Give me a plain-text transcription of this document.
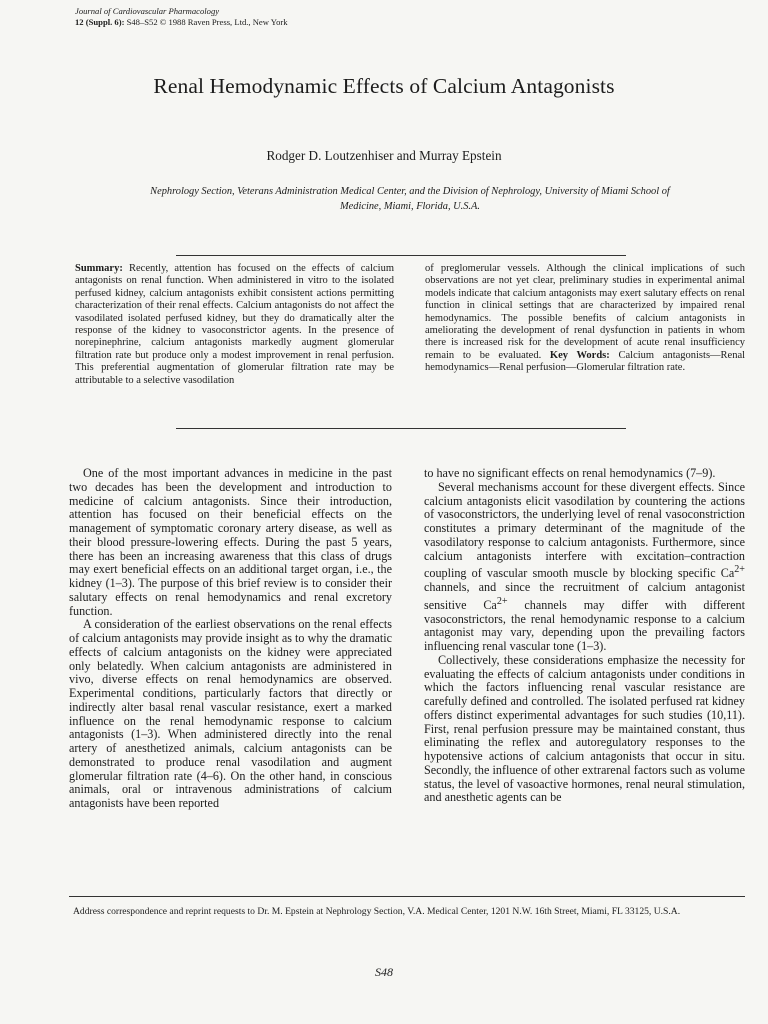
Journal of Cardiovascular Pharmacology
12 (Suppl. 6): S48–S52 © 1988 Raven Press, Ltd., New York
Renal Hemodynamic Effects of Calcium Antagonists
Rodger D. Loutzenhiser and Murray Epstein
Nephrology Section, Veterans Administration Medical Center, and the Division of Nephrology, University of Miami School of
Medicine, Miami, Florida, U.S.A.
Summary: Recently, attention has focused on the effects of calcium antagonists on renal function. When administered in vitro to the isolated perfused kidney, calcium antagonists exhibit consistent actions permitting characterization of their renal effects. Calcium antagonists do not affect the vasodilated isolated perfused kidney, but they do dramatically alter the response of the kidney to vasoconstrictor agents. In the presence of norepinephrine, calcium antagonists markedly augment glomerular filtration rate but produce only a modest improvement in renal perfusion. This preferential augmentation of glomerular filtration rate may be attributable to a selective vasodilation
of preglomerular vessels. Although the clinical implications of such observations are not yet clear, preliminary studies in experimental animal models indicate that calcium antagonists may exert salutary effects on renal function in clinical settings that are characterized by impaired renal hemodynamics. The possible benefits of calcium antagonists in ameliorating the development of renal dysfunction in patients in whom there is increased risk for the development of acute renal insufficiency remain to be evaluated. Key Words: Calcium antagonists—Renal hemodynamics—Renal perfusion—Glomerular filtration rate.

One of the most important advances in medicine in the past two decades has been the development and introduction to medicine of calcium antagonists. Since their introduction, attention has focused on their beneficial effects on the management of symptomatic coronary artery disease, as well as their blood pressure-lowering effects. During the past 5 years, there has been an increasing awareness that this class of drugs may exert beneficial effects on an additional target organ, i.e., the kidney (1–3). The purpose of this brief review is to consider their salutary effects on renal hemodynamics and renal excretory function.

A consideration of the earliest observations on the renal effects of calcium antagonists may provide insight as to why the dramatic effects of calcium antagonists on the kidney were appreciated only belatedly. When calcium antagonists are administered in vivo, diverse effects on renal hemodynamics are observed. Experimental conditions, particularly factors that directly or indirectly alter basal renal vascular resistance, exert a marked influence on the renal hemodynamic response to calcium antagonists (1–3). When administered directly into the renal artery of anesthetized animals, calcium antagonists can be demonstrated to produce renal vasodilation and augment glomerular filtration rate (4–6). On the other hand, in conscious animals, oral or intravenous administrations of calcium antagonists have been reported

to have no significant effects on renal hemodynamics (7–9).

Several mechanisms account for these divergent effects. Since calcium antagonists elicit vasodilation by countering the actions of vasoconstrictors, the underlying level of renal vasoconstriction constitutes a primary determinant of the magnitude of the vasodilatory response to calcium antagonists. Furthermore, since calcium antagonists interfere with excitation–contraction coupling of vascular smooth muscle by blocking specific $Ca^{2+}$ channels, and since the recruitment of calcium antagonist sensitive $Ca^{2+}$ channels may differ with different vasoconstrictors, the renal hemodynamic response to a calcium antagonist may vary, depending upon the prevailing factors influencing renal vascular tone (1–3).

Collectively, these considerations emphasize the necessity for evaluating the effects of calcium antagonists under conditions in which the factors influencing renal vascular resistance are carefully defined and controlled. The isolated perfused rat kidney offers distinct experimental advantages for such studies (10,11). First, renal perfusion pressure may be maintained constant, thus eliminating the reflex and autoregulatory responses to the hypotensive actions of calcium antagonists that occur in situ. Secondly, the influence of other extrarenal factors such as volume status, the level of vasoactive hormones, renal neural stimulation, and anesthetic agents can be

Address correspondence and reprint requests to Dr. M. Epstein at Nephrology Section, V.A. Medical Center, 1201 N.W. 16th Street, Miami, FL 33125, U.S.A.
S48
